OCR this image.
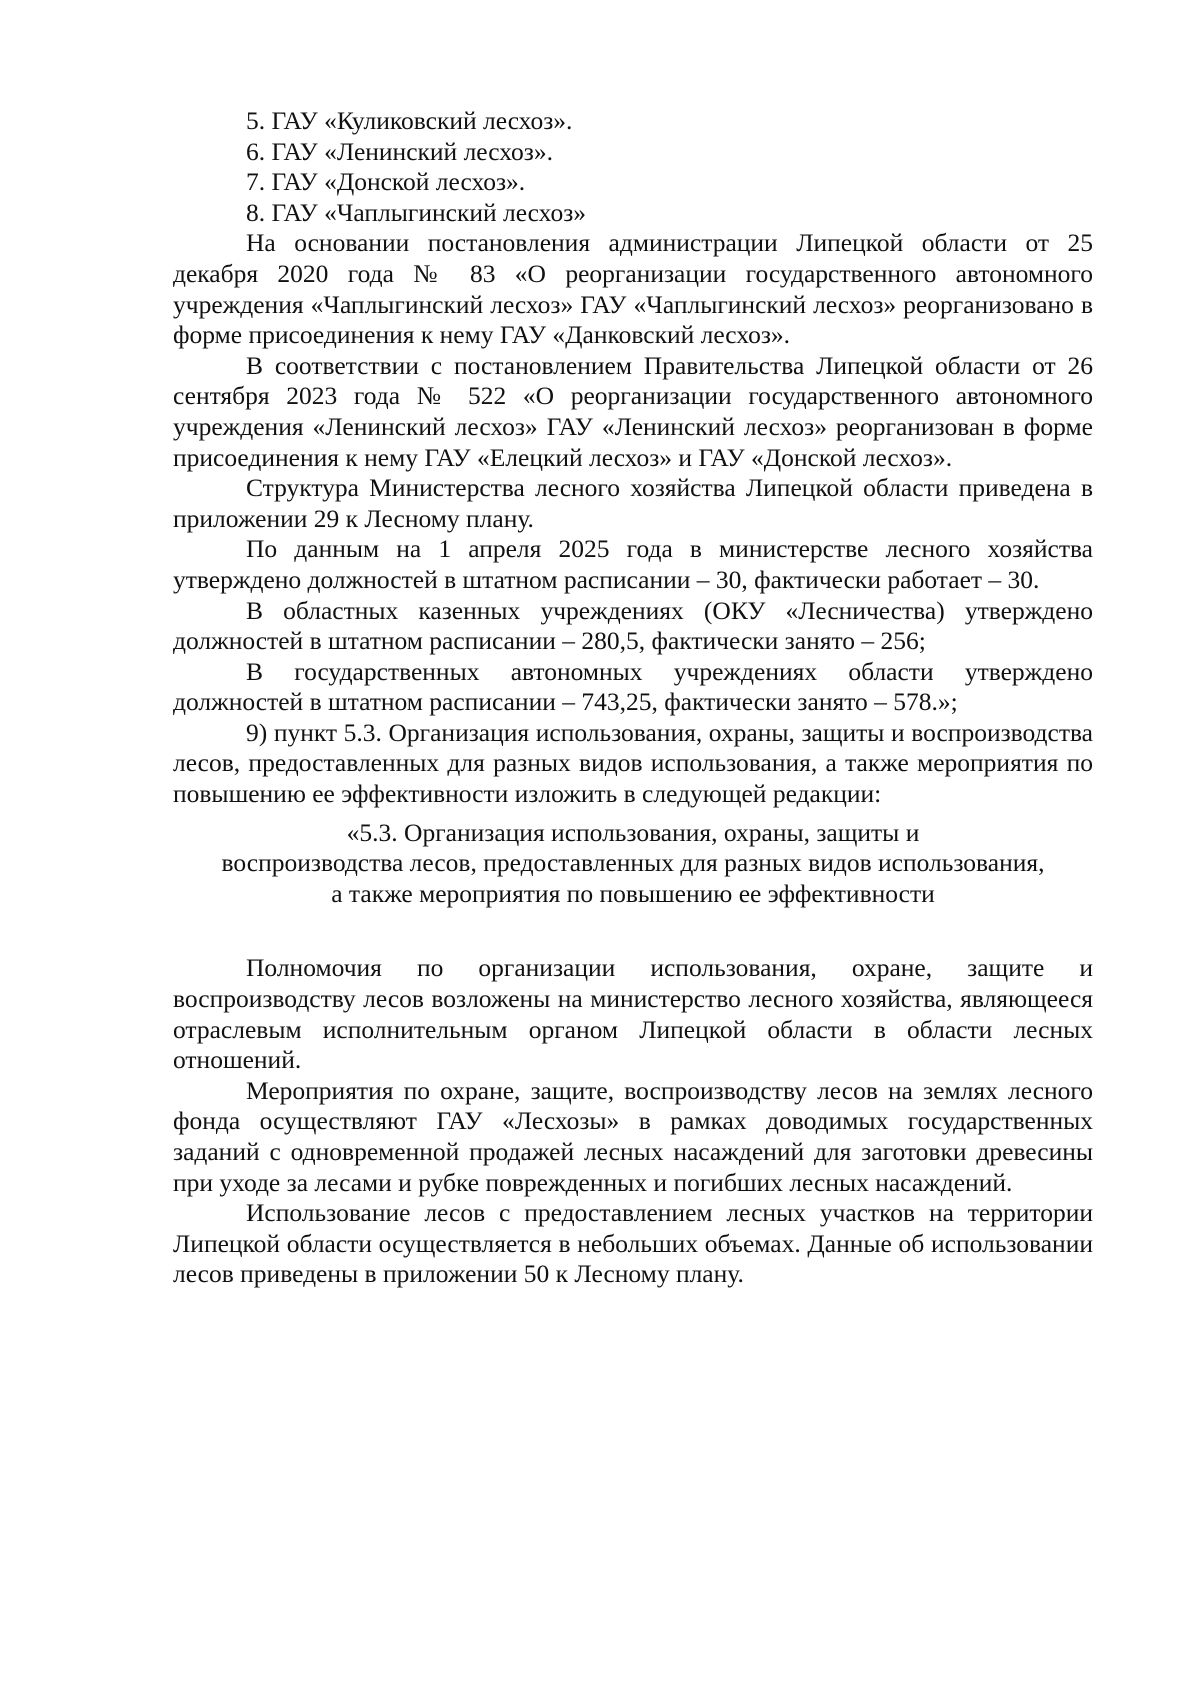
5. ГАУ «Куликовский лесхоз».

6. ГАУ «Ленинский лесхоз».

7. ГАУ «Донской лесхоз».

8. ГАУ «Чаплыгинский лесхоз»

На основании постановления администрации Липецкой области от 25 декабря 2020 года № 83 «О реорганизации государственного автономного учреждения «Чаплыгинский лесхоз» ГАУ «Чаплыгинский лесхоз» реорганизовано в форме присоединения к нему ГАУ «Данковский лесхоз».

В соответствии с постановлением Правительства Липецкой области от 26 сентября 2023 года № 522 «О реорганизации государственного автономного учреждения «Ленинский лесхоз» ГАУ «Ленинский лесхоз» реорганизован в форме присоединения к нему ГАУ «Елецкий лесхоз» и ГАУ «Донской лесхоз».

Структура Министерства лесного хозяйства Липецкой области приведена в приложении 29 к Лесному плану.

По данным на 1 апреля 2025 года в министерстве лесного хозяйства утверждено должностей в штатном расписании – 30, фактически работает – 30.

В областных казенных учреждениях (ОКУ «Лесничества) утверждено должностей в штатном расписании – 280,5, фактически занято – 256;

В государственных автономных учреждениях области утверждено должностей в штатном расписании – 743,25, фактически занято – 578.»;

9) пункт 5.3. Организация использования, охраны, защиты и воспроизводства лесов, предоставленных для разных видов использования, а также мероприятия по повышению ее эффективности изложить в следующей редакции:

«5.3. Организация использования, охраны, защиты и
воспроизводства лесов, предоставленных для разных видов использования,
а также мероприятия по повышению ее эффективности

Полномочия по организации использования, охране, защите и воспроизводству лесов возложены на министерство лесного хозяйства, являющееся отраслевым исполнительным органом Липецкой области в области лесных отношений.

Мероприятия по охране, защите, воспроизводству лесов на землях лесного фонда осуществляют ГАУ «Лесхозы» в рамках доводимых государственных заданий с одновременной продажей лесных насаждений для заготовки древесины при уходе за лесами и рубке поврежденных и погибших лесных насаждений.

Использование лесов с предоставлением лесных участков на территории Липецкой области осуществляется в небольших объемах. Данные об использовании лесов приведены в приложении 50 к Лесному плану.
